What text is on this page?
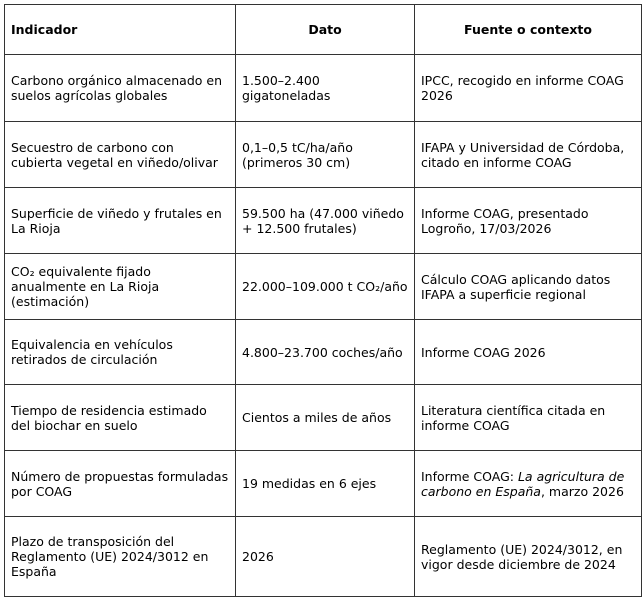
Indicador	Dato	Fuente o contexto
Carbono orgánico almacenado en suelos agrícolas globales	1.500–2.400 gigatoneladas	IPCC, recogido en informe COAG 2026
Secuestro de carbono con cubierta vegetal en viñedo/olivar	0,1–0,5 tC/ha/año (primeros 30 cm)	IFAPA y Universidad de Córdoba, citado en informe COAG
Superficie de viñedo y frutales en La Rioja	59.500 ha (47.000 viñedo + 12.500 frutales)	Informe COAG, presentado Logroño, 17/03/2026
CO₂ equivalente fijado anualmente en La Rioja (estimación)	22.000–109.000 t CO₂/año	Cálculo COAG aplicando datos IFAPA a superficie regional
Equivalencia en vehículos retirados de circulación	4.800–23.700 coches/año	Informe COAG 2026
Tiempo de residencia estimado del biochar en suelo	Cientos a miles de años	Literatura científica citada en informe COAG
Número de propuestas formuladas por COAG	19 medidas en 6 ejes	Informe COAG: La agricultura de carbono en España, marzo 2026
Plazo de transposición del Reglamento (UE) 2024/3012 en España	2026	Reglamento (UE) 2024/3012, en vigor desde diciembre de 2024
